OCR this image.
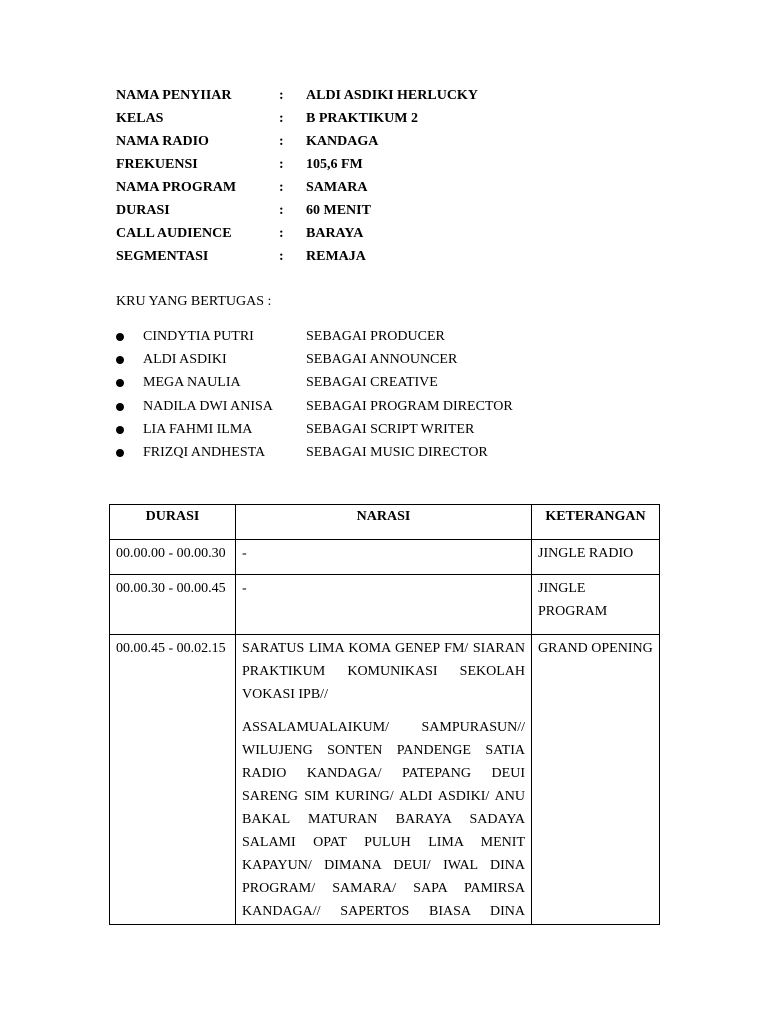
NAMA PENYIIAR	: ALDI ASDIKI HERLUCKY
KELAS	: B PRAKTIKUM 2
NAMA RADIO	: KANDAGA
FREKUENSI	: 105,6 FM
NAMA PROGRAM	: SAMARA
DURASI	: 60 MENIT
CALL AUDIENCE	: BARAYA
SEGMENTASI	: REMAJA
KRU YANG BERTUGAS :
CINDYTIA PUTRI	SEBAGAI PRODUCER
ALDI ASDIKI	SEBAGAI ANNOUNCER
MEGA NAULIA	SEBAGAI CREATIVE
NADILA DWI ANISA SEBAGAI PROGRAM DIRECTOR
LIA FAHMI ILMA	SEBAGAI SCRIPT WRITER
FRIZQI ANDHESTA	SEBAGAI MUSIC DIRECTOR
DURASI	NARASI	KETERANGAN
00.00.00 - 00.00.30	-	JINGLE RADIO
00.00.30 - 00.00.45	-	JINGLE PROGRAM
00.00.45 - 00.02.15	SARATUS LIMA KOMA GENEP FM/ SIARAN PRAKTIKUM KOMUNIKASI SEKOLAH VOKASI IPB//

ASSALAMUALAIKUM/ SAMPURASUN// WILUJENG SONTEN PANDENGE SATIA RADIO KANDAGA/ PATEPANG DEUI SARENG SIM KURING/ ALDI ASDIKI/ ANU BAKAL MATURAN BARAYA SADAYA SALAMI OPAT PULUH LIMA MENIT KAPAYUN/ DIMANA DEUI/ IWAL DINA PROGRAM/ SAMARA/ SAPA PAMIRSA KANDAGA// SAPERTOS BIASA DINA	GRAND OPENING
